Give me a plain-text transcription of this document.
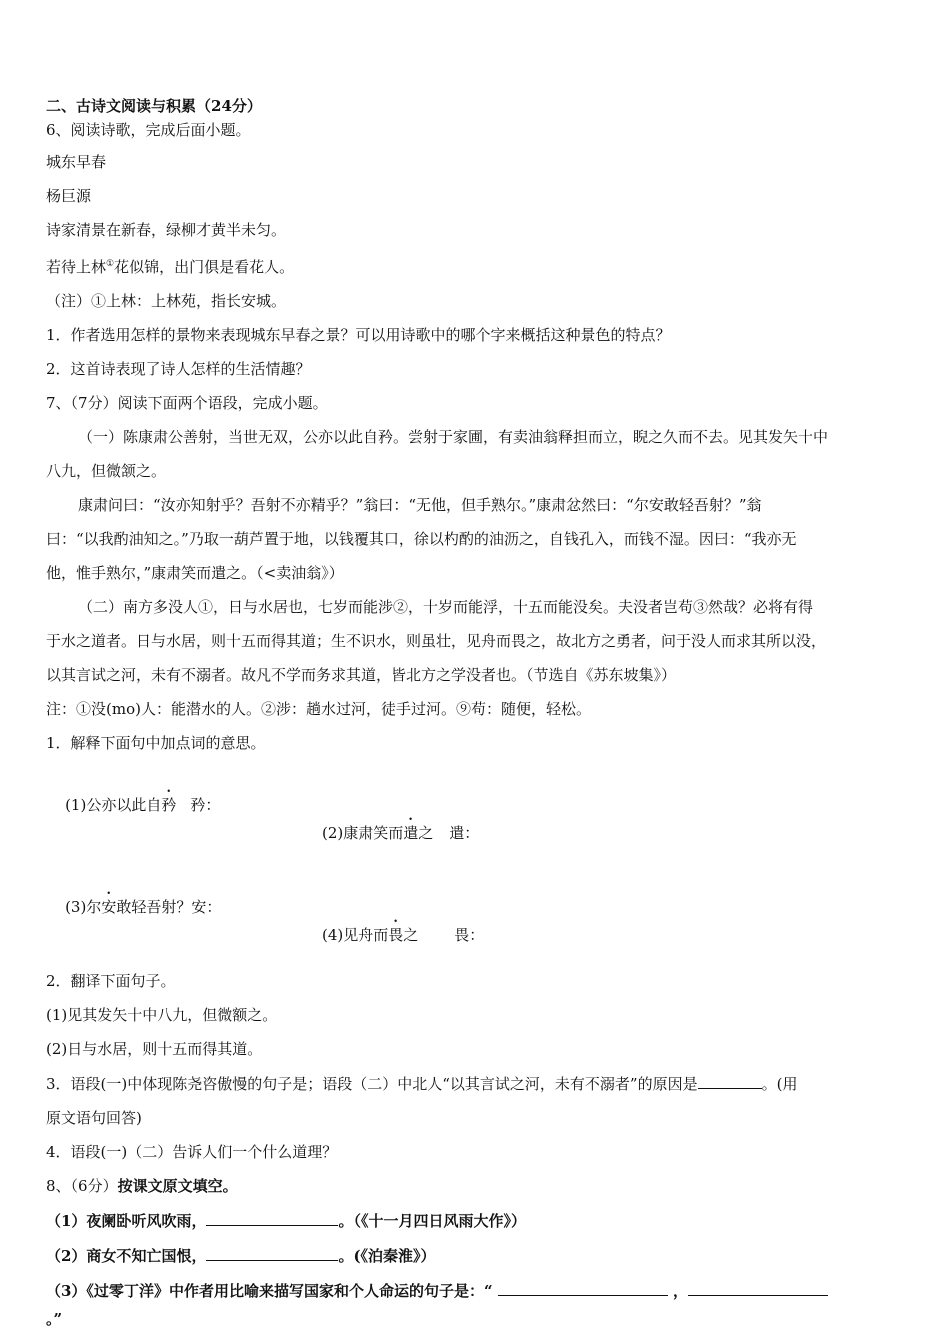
二、古诗文阅读与积累（24分）
6、阅读诗歌，完成后面小题。
城东早春
杨巨源
诗家清景在新春，绿柳才黄半未匀。
若待上林①花似锦，出门俱是看花人。
（注）①上林：上林苑，指长安城。
1．作者选用怎样的景物来表现城东早春之景？可以用诗歌中的哪个字来概括这种景色的特点？
2．这首诗表现了诗人怎样的生活情趣？
7、（7分）阅读下面两个语段，完成小题。
（一）陈康肃公善射，当世无双，公亦以此自矜。尝射于家圃，有卖油翁释担而立，睨之久而不去。见其发矢十中
八九，但微颔之。
康肃问曰：“汝亦知射乎？吾射不亦精乎？”翁曰：“无他，但手熟尔。”康肃忿然曰：“尔安敢轻吾射？”翁
曰：“以我酌油知之。”乃取一葫芦置于地，以钱覆其口，徐以杓酌的油沥之，自钱孔入，而钱不湿。因曰：“我亦无
他，惟手熟尔，”康肃笑而遣之。（<卖油翁》）
（二）南方多没人①，日与水居也，七岁而能涉②，十岁而能浮，十五而能没矣。夫没者岂苟③然哉？必将有得
于水之道者。日与水居，则十五而得其道；生不识水，则虽壮，见舟而畏之，故北方之勇者，问于没人而求其所以没，
以其言试之河，未有不溺者。故凡不学而务求其道，皆北方之学没者也。（节选自《苏东坡集》）
注：①没(mo)人：能潜水的人。②涉：趟水过河，徒手过河。⑨苟：随便，轻松。
1．解释下面句中加点词的意思。

(1)公亦以此自矜 矜：

(2)康肃笑而遣之 遣：

(3)尔安敢轻吾射？安：

(4)见舟而畏之 畏：

2．翻译下面句子。
(1)见其发矢十中八九，但微额之。
(2)日与水居，则十五而得其道。
3．语段(一)中体现陈尧咨傲慢的句子是；语段（二）中北人“以其言试之河，未有不溺者”的原因是	。(用
原文语句回答)
4．语段(一)（二）告诉人们一个什么道理？
8、（6分）按课文原文填空。
（1）夜阑卧听风吹雨，	。（《十一月四日风雨大作》）
（2）商女不知亡国恨，	。(《泊秦淮》）
（3）《过零丁洋》中作者用比喻来描写国家和个人命运的句子是：“	，
。”
